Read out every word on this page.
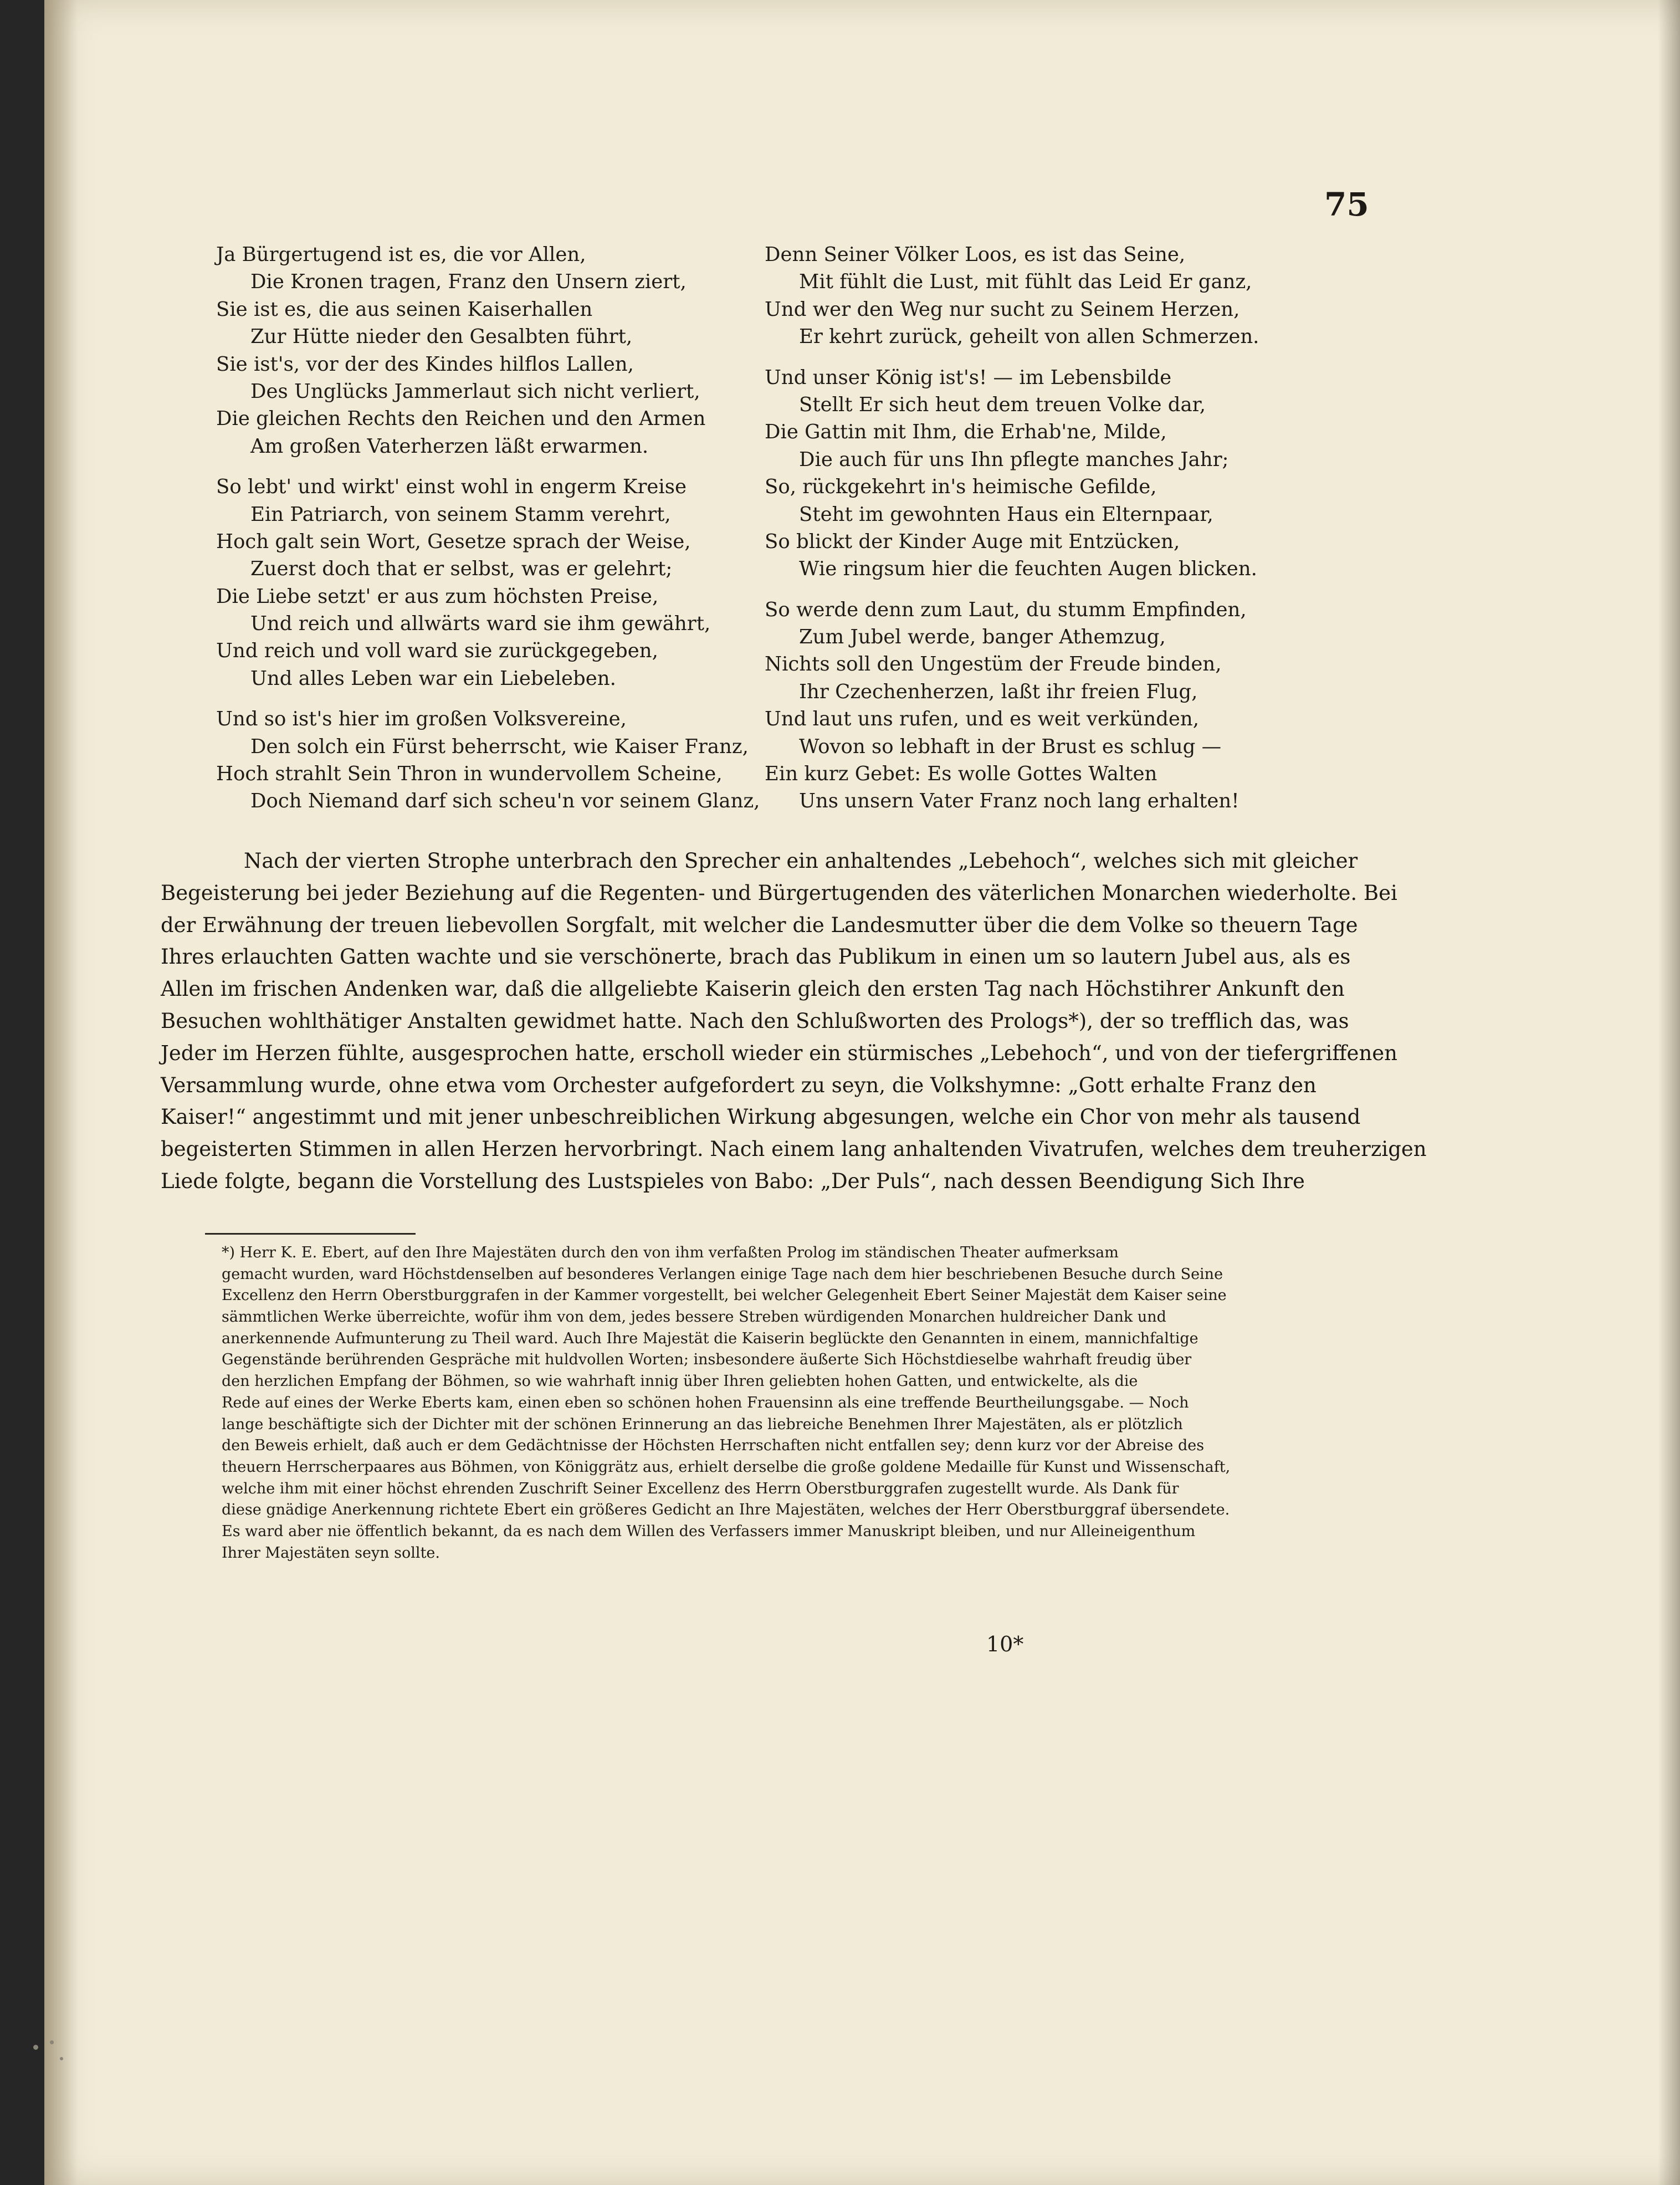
75
Ja Bürgertugend ist es, die vor Allen,
Die Kronen tragen, Franz den Unsern ziert,
Sie ist es, die aus seinen Kaiserhallen
Zur Hütte nieder den Gesalbten führt,
Sie ist's, vor der des Kindes hilflos Lallen,
Des Unglücks Jammerlaut sich nicht verliert,
Die gleichen Rechts den Reichen und den Armen
Am großen Vaterherzen läßt erwarmen.
So lebt' und wirkt' einst wohl in engerm Kreise
Ein Patriarch, von seinem Stamm verehrt,
Hoch galt sein Wort, Gesetze sprach der Weise,
Zuerst doch that er selbst, was er gelehrt;
Die Liebe setzt' er aus zum höchsten Preise,
Und reich und allwärts ward sie ihm gewährt,
Und reich und voll ward sie zurückgegeben,
Und alles Leben war ein Liebeleben.
Und so ist's hier im großen Volksvereine,
Den solch ein Fürst beherrscht, wie Kaiser Franz,
Hoch strahlt Sein Thron in wundervollem Scheine,
Doch Niemand darf sich scheu'n vor seinem Glanz,
Denn Seiner Völker Loos, es ist das Seine,
Mit fühlt die Lust, mit fühlt das Leid Er ganz,
Und wer den Weg nur sucht zu Seinem Herzen,
Er kehrt zurück, geheilt von allen Schmerzen.
Und unser König ist's! — im Lebensbilde
Stellt Er sich heut dem treuen Volke dar,
Die Gattin mit Ihm, die Erhab'ne, Milde,
Die auch für uns Ihn pflegte manches Jahr;
So, rückgekehrt in's heimische Gefilde,
Steht im gewohnten Haus ein Elternpaar,
So blickt der Kinder Auge mit Entzücken,
Wie ringsum hier die feuchten Augen blicken.
So werde denn zum Laut, du stumm Empfinden,
Zum Jubel werde, banger Athemzug,
Nichts soll den Ungestüm der Freude binden,
Ihr Czechenherzen, laßt ihr freien Flug,
Und laut uns rufen, und es weit verkünden,
Wovon so lebhaft in der Brust es schlug —
Ein kurz Gebet: Es wolle Gottes Walten
Uns unsern Vater Franz noch lang erhalten!
Nach der vierten Strophe unterbrach den Sprecher ein anhaltendes „Lebehoch“, welches sich mit gleicher
Begeisterung bei jeder Beziehung auf die Regenten- und Bürgertugenden des väterlichen Monarchen wiederholte. Bei
der Erwähnung der treuen liebevollen Sorgfalt, mit welcher die Landesmutter über die dem Volke so theuern Tage
Ihres erlauchten Gatten wachte und sie verschönerte, brach das Publikum in einen um so lautern Jubel aus, als es
Allen im frischen Andenken war, daß die allgeliebte Kaiserin gleich den ersten Tag nach Höchstihrer Ankunft den
Besuchen wohlthätiger Anstalten gewidmet hatte. Nach den Schlußworten des Prologs*), der so trefflich das, was
Jeder im Herzen fühlte, ausgesprochen hatte, erscholl wieder ein stürmisches „Lebehoch“, und von der tiefergriffenen
Versammlung wurde, ohne etwa vom Orchester aufgefordert zu seyn, die Volkshymne: „Gott erhalte Franz den
Kaiser!“ angestimmt und mit jener unbeschreiblichen Wirkung abgesungen, welche ein Chor von mehr als tausend
begeisterten Stimmen in allen Herzen hervorbringt. Nach einem lang anhaltenden Vivatrufen, welches dem treuherzigen
Liede folgte, begann die Vorstellung des Lustspieles von Babo: „Der Puls“, nach dessen Beendigung Sich Ihre
*) Herr K. E. Ebert, auf den Ihre Majestäten durch den von ihm verfaßten Prolog im ständischen Theater aufmerksam
gemacht wurden, ward Höchstdenselben auf besonderes Verlangen einige Tage nach dem hier beschriebenen Besuche durch Seine
Excellenz den Herrn Oberstburggrafen in der Kammer vorgestellt, bei welcher Gelegenheit Ebert Seiner Majestät dem Kaiser seine
sämmtlichen Werke überreichte, wofür ihm von dem, jedes bessere Streben würdigenden Monarchen huldreicher Dank und
anerkennende Aufmunterung zu Theil ward. Auch Ihre Majestät die Kaiserin beglückte den Genannten in einem, mannichfaltige
Gegenstände berührenden Gespräche mit huldvollen Worten; insbesondere äußerte Sich Höchstdieselbe wahrhaft freudig über
den herzlichen Empfang der Böhmen, so wie wahrhaft innig über Ihren geliebten hohen Gatten, und entwickelte, als die
Rede auf eines der Werke Eberts kam, einen eben so schönen hohen Frauensinn als eine treffende Beurtheilungsgabe. — Noch
lange beschäftigte sich der Dichter mit der schönen Erinnerung an das liebreiche Benehmen Ihrer Majestäten, als er plötzlich
den Beweis erhielt, daß auch er dem Gedächtnisse der Höchsten Herrschaften nicht entfallen sey; denn kurz vor der Abreise des
theuern Herrscherpaares aus Böhmen, von Königgrätz aus, erhielt derselbe die große goldene Medaille für Kunst und Wissenschaft,
welche ihm mit einer höchst ehrenden Zuschrift Seiner Excellenz des Herrn Oberstburggrafen zugestellt wurde. Als Dank für
diese gnädige Anerkennung richtete Ebert ein größeres Gedicht an Ihre Majestäten, welches der Herr Oberstburggraf übersendete.
Es ward aber nie öffentlich bekannt, da es nach dem Willen des Verfassers immer Manuskript bleiben, und nur Alleineigenthum
Ihrer Majestäten seyn sollte.
10*
